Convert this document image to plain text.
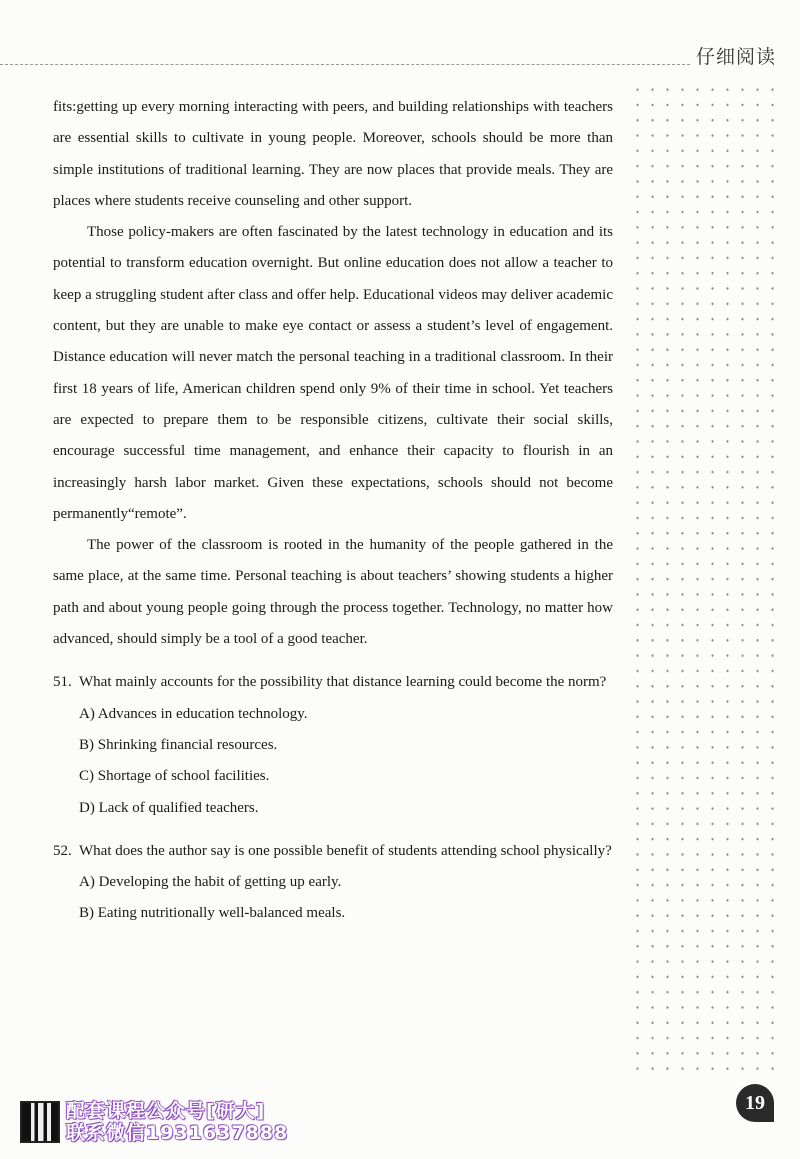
仔细阅读

fits:getting up every morning interacting with peers, and building relationships with teachers are essential skills to cultivate in young people. Moreover, schools should be more than simple institutions of traditional learning. They are now places that provide meals. They are places where students receive counseling and other support.

Those policy-makers are often fascinated by the latest technology in education and its potential to transform education overnight. But online education does not allow a teacher to keep a struggling student after class and offer help. Educational videos may deliver academic content, but they are unable to make eye contact or assess a student’s level of engagement. Distance education will never match the personal teaching in a traditional classroom. In their first 18 years of life, American children spend only 9% of their time in school. Yet teachers are expected to prepare them to be responsible citizens, cultivate their social skills, encourage successful time management, and enhance their capacity to flourish in an increasingly harsh labor market. Given these expectations, schools should not become permanently“remote”.

The power of the classroom is rooted in the humanity of the people gathered in the same place, at the same time. Personal teaching is about teachers’ showing students a higher path and about young people going through the process together. Technology, no matter how advanced, should simply be a tool of a good teacher.

51. What mainly accounts for the possibility that distance learning could become the norm?
A) Advances in education technology.
B) Shrinking financial resources.
C) Shortage of school facilities.
D) Lack of qualified teachers.
52. What does the author say is one possible benefit of students attending school physically?
A) Developing the habit of getting up early.
B) Eating nutritionally well-balanced meals.
19
配套课程公众号[研大]
联系微信1931637888
